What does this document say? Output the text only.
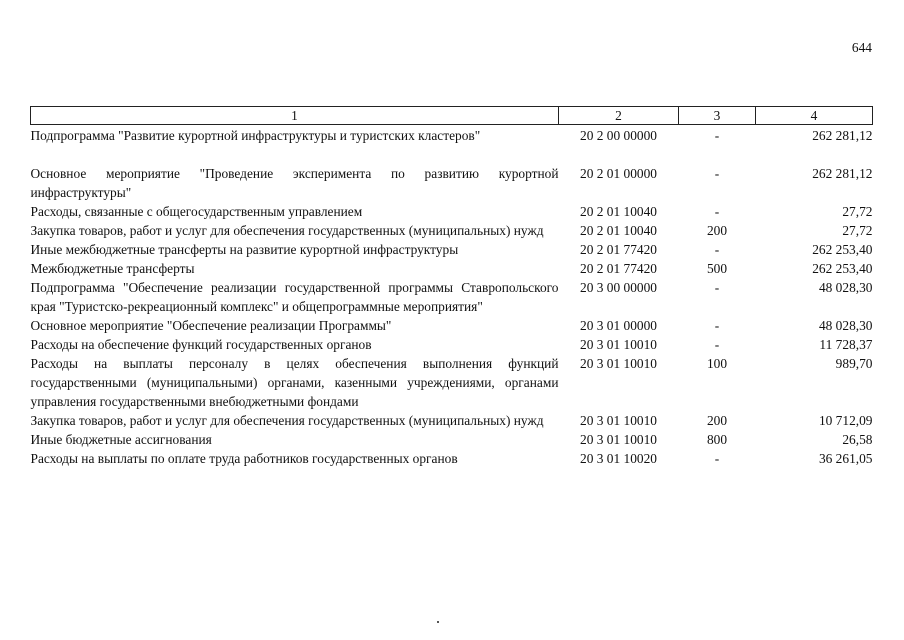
644
1	2	3	4
Подпрограмма "Развитие курортной инфраструктуры и туристских кластеров"	20 2 00 00000	-	262 281,12
Основное мероприятие "Проведение эксперимента по развитию курортной инфраструктуры"	20 2 01 00000	-	262 281,12
Расходы, связанные с общегосударственным управлением	20 2 01 10040	-	27,72
Закупка товаров, работ и услуг для обеспечения государственных (муниципальных) нужд	20 2 01 10040	200	27,72
Иные межбюджетные трансферты на развитие курортной инфраструктуры	20 2 01 77420	-	262 253,40
Межбюджетные трансферты	20 2 01 77420	500	262 253,40
Подпрограмма "Обеспечение реализации государственной программы Ставропольского края "Туристско-рекреационный комплекс" и общепрограммные мероприятия"	20 3 00 00000	-	48 028,30
Основное мероприятие "Обеспечение реализации Программы"	20 3 01 00000	-	48 028,30
Расходы на обеспечение функций государственных органов	20 3 01 10010	-	11 728,37
Расходы на выплаты персоналу в целях обеспечения выполнения функций государственными (муниципальными) органами, казенными учреждениями, органами управления государственными внебюджетными фондами	20 3 01 10010	100	989,70
Закупка товаров, работ и услуг для обеспечения государственных (муниципальных) нужд	20 3 01 10010	200	10 712,09
Иные бюджетные ассигнования	20 3 01 10010	800	26,58
Расходы на выплаты по оплате труда работников государственных органов	20 3 01 10020	-	36 261,05
